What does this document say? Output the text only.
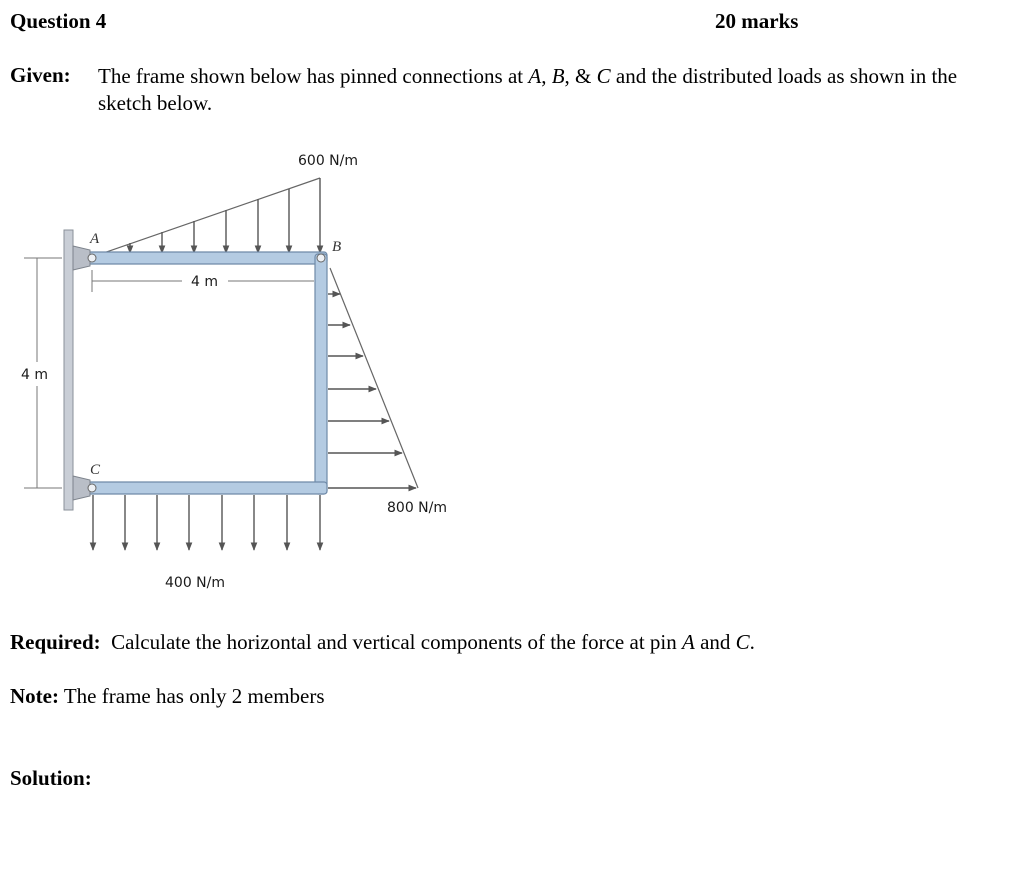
Question 4	20 marks
Given: The frame shown below has pinned connections at A, B, & C and the distributed loads as shown in the sketch below.
600 N/m
800 N/m
400 N/m
4 m
4 m
A	B
C
Required: Calculate the horizontal and vertical components of the force at pin A and C.
Note: The frame has only 2 members
Solution:
